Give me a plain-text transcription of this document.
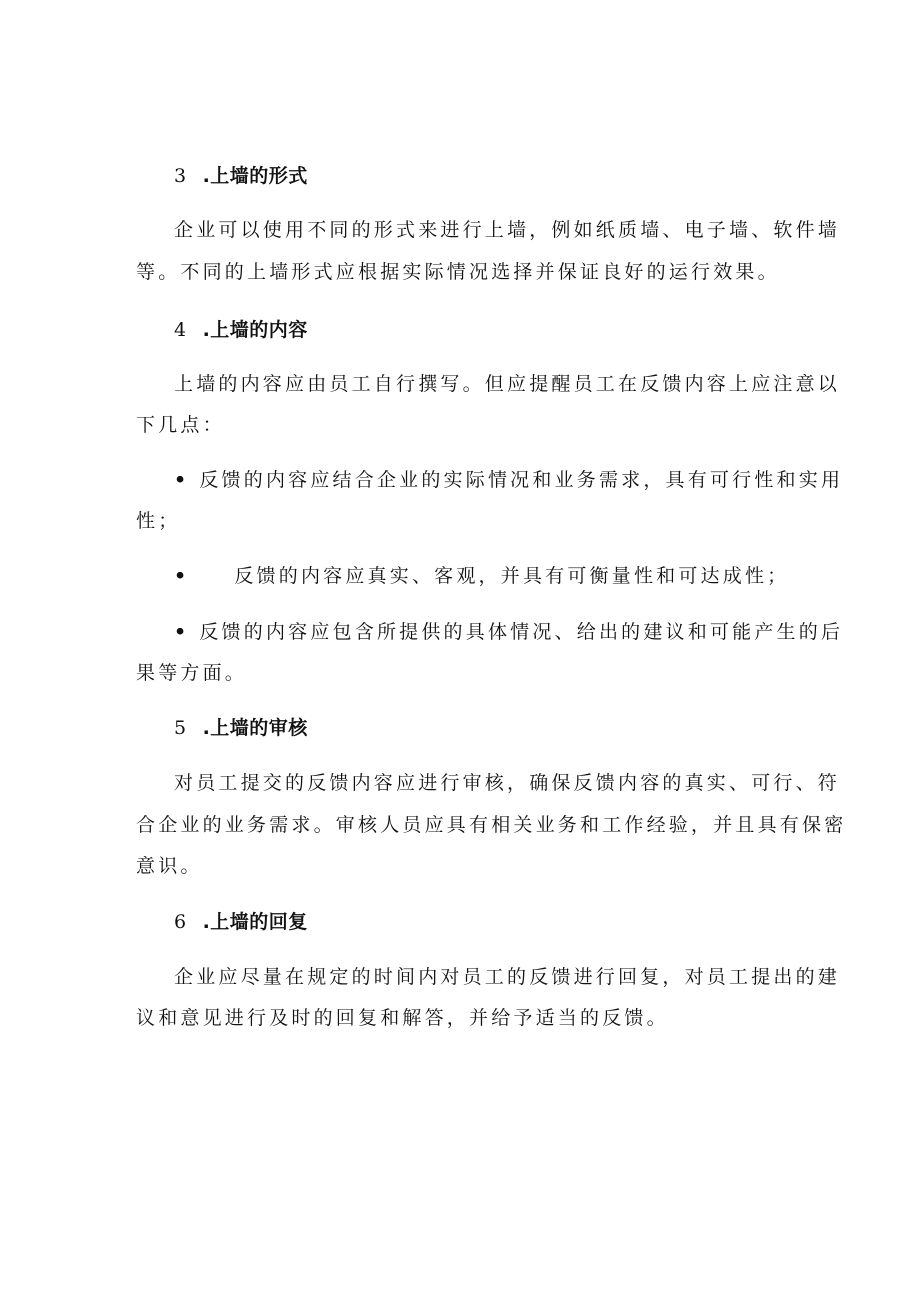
3 .上墙的形式
企业可以使用不同的形式来进行上墙，例如纸质墙、电子墙、软件墙
等。不同的上墙形式应根据实际情况选择并保证良好的运行效果。
4 .上墙的内容
上墙的内容应由员工自行撰写。但应提醒员工在反馈内容上应注意以
下几点：
• 反馈的内容应结合企业的实际情况和业务需求，具有可行性和实用
性；
• 反馈的内容应真实、客观，并具有可衡量性和可达成性；
• 反馈的内容应包含所提供的具体情况、给出的建议和可能产生的后
果等方面。
5 .上墙的审核
对员工提交的反馈内容应进行审核，确保反馈内容的真实、可行、符
合企业的业务需求。审核人员应具有相关业务和工作经验，并且具有保密
意识。
6 .上墙的回复
企业应尽量在规定的时间内对员工的反馈进行回复，对员工提出的建
议和意见进行及时的回复和解答，并给予适当的反馈。
